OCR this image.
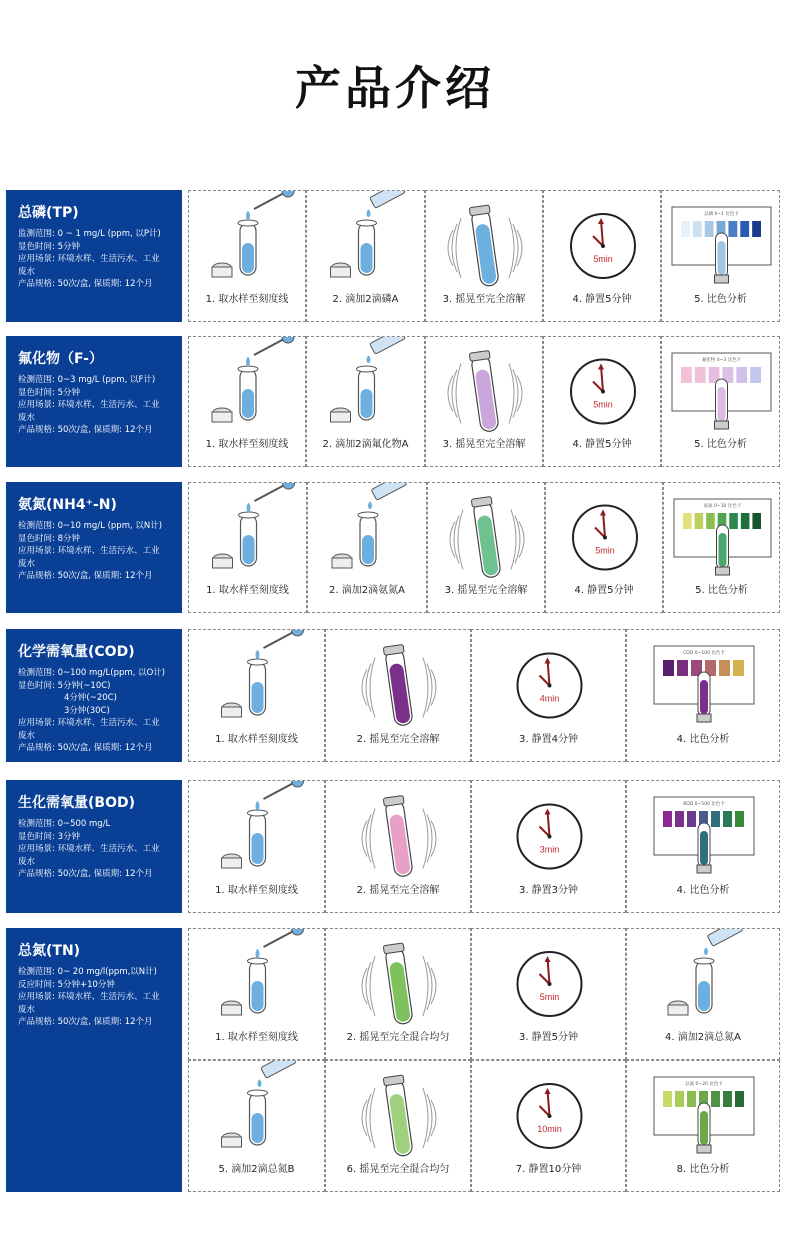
产品介绍
总磷(TP)
监测范围: 0 ~ 1 mg/L (ppm, 以P计)
显色时间: 5分钟
应用场景: 环境水样、生活污水、工业
废水
产品规格: 50次/盒, 保质期: 12个月
1. 取水样至刻度线	2. 滴加2滴磷A	3. 摇晃至完全溶解
5min
4. 静置5分钟
总磷 0~1 比色卡
5. 比色分析
氟化物（F-）
检测范围: 0~3 mg/L (ppm, 以F计)
显色时间: 5分钟
应用场景: 环境水样、生活污水、工业
废水
产品规格: 50次/盒, 保质期: 12个月
1. 取水样至刻度线	2. 滴加2滴氟化物A	3. 摇晃至完全溶解
5min
4. 静置5分钟
氟化物 0~3 比色卡
5. 比色分析
氨氮(NH4⁺-N)
检测范围: 0~10 mg/L (ppm, 以N计)
显色时间: 8分钟
应用场景: 环境水样、生活污水、工业
废水
产品规格: 50次/盒, 保质期: 12个月
1. 取水样至刻度线	2. 滴加2滴氨氮A	3. 摇晃至完全溶解
5min
4. 静置5分钟
氨氮 0~10 比色卡
5. 比色分析
化学需氧量(COD)
检测范围: 0~100 mg/L(ppm, 以O计)
显色时间: 5分钟(~10C)
4分钟(~20C)
3分钟(30C)
应用场景: 环境水样、生活污水、工业
废水
产品规格: 50次/盒, 保质期: 12个月
1. 取水样至刻度线	2. 摇晃至完全溶解
4min
3. 静置4分钟
COD 0~100 比色卡
4. 比色分析
生化需氧量(BOD)
检测范围: 0~500 mg/L
显色时间: 3分钟
应用场景: 环境水样、生活污水、工业
废水
产品规格: 50次/盒, 保质期: 12个月
1. 取水样至刻度线	2. 摇晃至完全溶解
3min
3. 静置3分钟
BOD 0~500 比色卡
4. 比色分析
总氮(TN)
检测范围: 0~ 20 mg/l(ppm,以N计)
反应时间: 5分钟+10分钟
应用场景: 环境水样、生活污水、工业
废水
产品规格: 50次/盒, 保质期: 12个月
1. 取水样至刻度线	2. 摇晃至完全混合均匀
5min
3. 静置5分钟	4. 滴加2滴总氮A
5. 滴加2滴总氮B	6. 摇晃至完全混合均匀
10min
7. 静置10分钟
总氮 0~20 比色卡
8. 比色分析
